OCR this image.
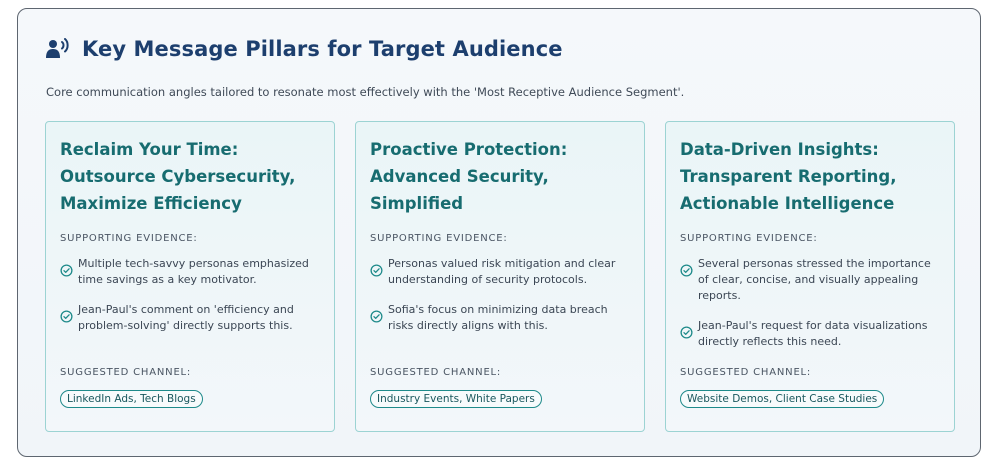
Key Message Pillars for Target Audience
Core communication angles tailored to resonate most effectively with the 'Most Receptive Audience Segment'.
Reclaim Your Time: Outsource Cybersecurity, Maximize Efficiency
SUPPORTING EVIDENCE:
Multiple tech-savvy personas emphasized time savings as a key motivator.
Jean-Paul's comment on 'efficiency and problem-solving' directly supports this.
SUGGESTED CHANNEL:
LinkedIn Ads, Tech Blogs
Proactive Protection: Advanced Security, Simplified
SUPPORTING EVIDENCE:
Personas valued risk mitigation and clear understanding of security protocols.
Sofia's focus on minimizing data breach risks directly aligns with this.
SUGGESTED CHANNEL:
Industry Events, White Papers
Data-Driven Insights: Transparent Reporting, Actionable Intelligence
SUPPORTING EVIDENCE:
Several personas stressed the importance of clear, concise, and visually appealing reports.
Jean-Paul's request for data visualizations directly reflects this need.
SUGGESTED CHANNEL:
Website Demos, Client Case Studies
